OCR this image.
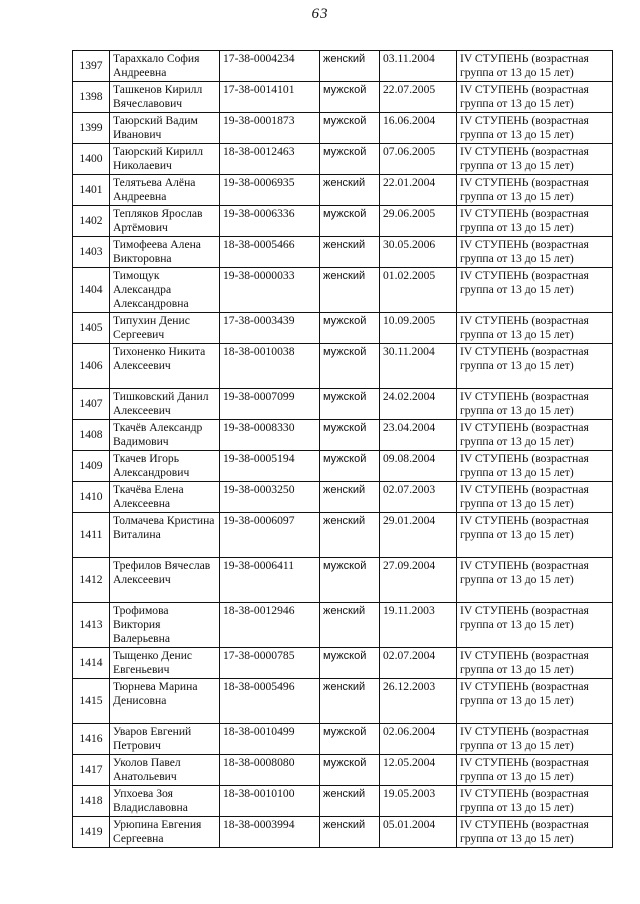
63
1397	Тарахкало София Андреевна	17-38-0004234	женский	03.11.2004	IV СТУПЕНЬ (возрастная группа от 13 до 15 лет)
1398	Ташкенов Кирилл Вячеславович	17-38-0014101	мужской	22.07.2005	IV СТУПЕНЬ (возрастная группа от 13 до 15 лет)
1399	Таюрский Вадим Иванович	19-38-0001873	мужской	16.06.2004	IV СТУПЕНЬ (возрастная группа от 13 до 15 лет)
1400	Таюрский Кирилл Николаевич	18-38-0012463	мужской	07.06.2005	IV СТУПЕНЬ (возрастная группа от 13 до 15 лет)
1401	Телятьева Алёна Андреевна	19-38-0006935	женский	22.01.2004	IV СТУПЕНЬ (возрастная группа от 13 до 15 лет)
1402	Тепляков Ярослав Артёмович	19-38-0006336	мужской	29.06.2005	IV СТУПЕНЬ (возрастная группа от 13 до 15 лет)
1403	Тимофеева Алена Викторовна	18-38-0005466	женский	30.05.2006	IV СТУПЕНЬ (возрастная группа от 13 до 15 лет)
1404	Тимощук Александра Александровна	19-38-0000033	женский	01.02.2005	IV СТУПЕНЬ (возрастная группа от 13 до 15 лет)
1405	Типухин Денис Сергеевич	17-38-0003439	мужской	10.09.2005	IV СТУПЕНЬ (возрастная группа от 13 до 15 лет)
1406	Тихоненко Никита Алексеевич	18-38-0010038	мужской	30.11.2004	IV СТУПЕНЬ (возрастная группа от 13 до 15 лет)
1407	Тишковский Данил Алексеевич	19-38-0007099	мужской	24.02.2004	IV СТУПЕНЬ (возрастная группа от 13 до 15 лет)
1408	Ткачёв Александр Вадимович	19-38-0008330	мужской	23.04.2004	IV СТУПЕНЬ (возрастная группа от 13 до 15 лет)
1409	Ткачев Игорь Александрович	19-38-0005194	мужской	09.08.2004	IV СТУПЕНЬ (возрастная группа от 13 до 15 лет)
1410	Ткачёва Елена Алексеевна	19-38-0003250	женский	02.07.2003	IV СТУПЕНЬ (возрастная группа от 13 до 15 лет)
1411	Толмачева Кристина Виталина	19-38-0006097	женский	29.01.2004	IV СТУПЕНЬ (возрастная группа от 13 до 15 лет)
1412	Трефилов Вячеслав Алексеевич	19-38-0006411	мужской	27.09.2004	IV СТУПЕНЬ (возрастная группа от 13 до 15 лет)
1413	Трофимова Виктория Валерьевна	18-38-0012946	женский	19.11.2003	IV СТУПЕНЬ (возрастная группа от 13 до 15 лет)
1414	Тыщенко Денис Евгеньевич	17-38-0000785	мужской	02.07.2004	IV СТУПЕНЬ (возрастная группа от 13 до 15 лет)
1415	Тюрнева Марина Денисовна	18-38-0005496	женский	26.12.2003	IV СТУПЕНЬ (возрастная группа от 13 до 15 лет)
1416	Уваров Евгений Петрович	18-38-0010499	мужской	02.06.2004	IV СТУПЕНЬ (возрастная группа от 13 до 15 лет)
1417	Уколов Павел Анатольевич	18-38-0008080	мужской	12.05.2004	IV СТУПЕНЬ (возрастная группа от 13 до 15 лет)
1418	Упхоева Зоя Владиславовна	18-38-0010100	женский	19.05.2003	IV СТУПЕНЬ (возрастная группа от 13 до 15 лет)
1419	Урюпина Евгения Сергеевна	18-38-0003994	женский	05.01.2004	IV СТУПЕНЬ (возрастная группа от 13 до 15 лет)
